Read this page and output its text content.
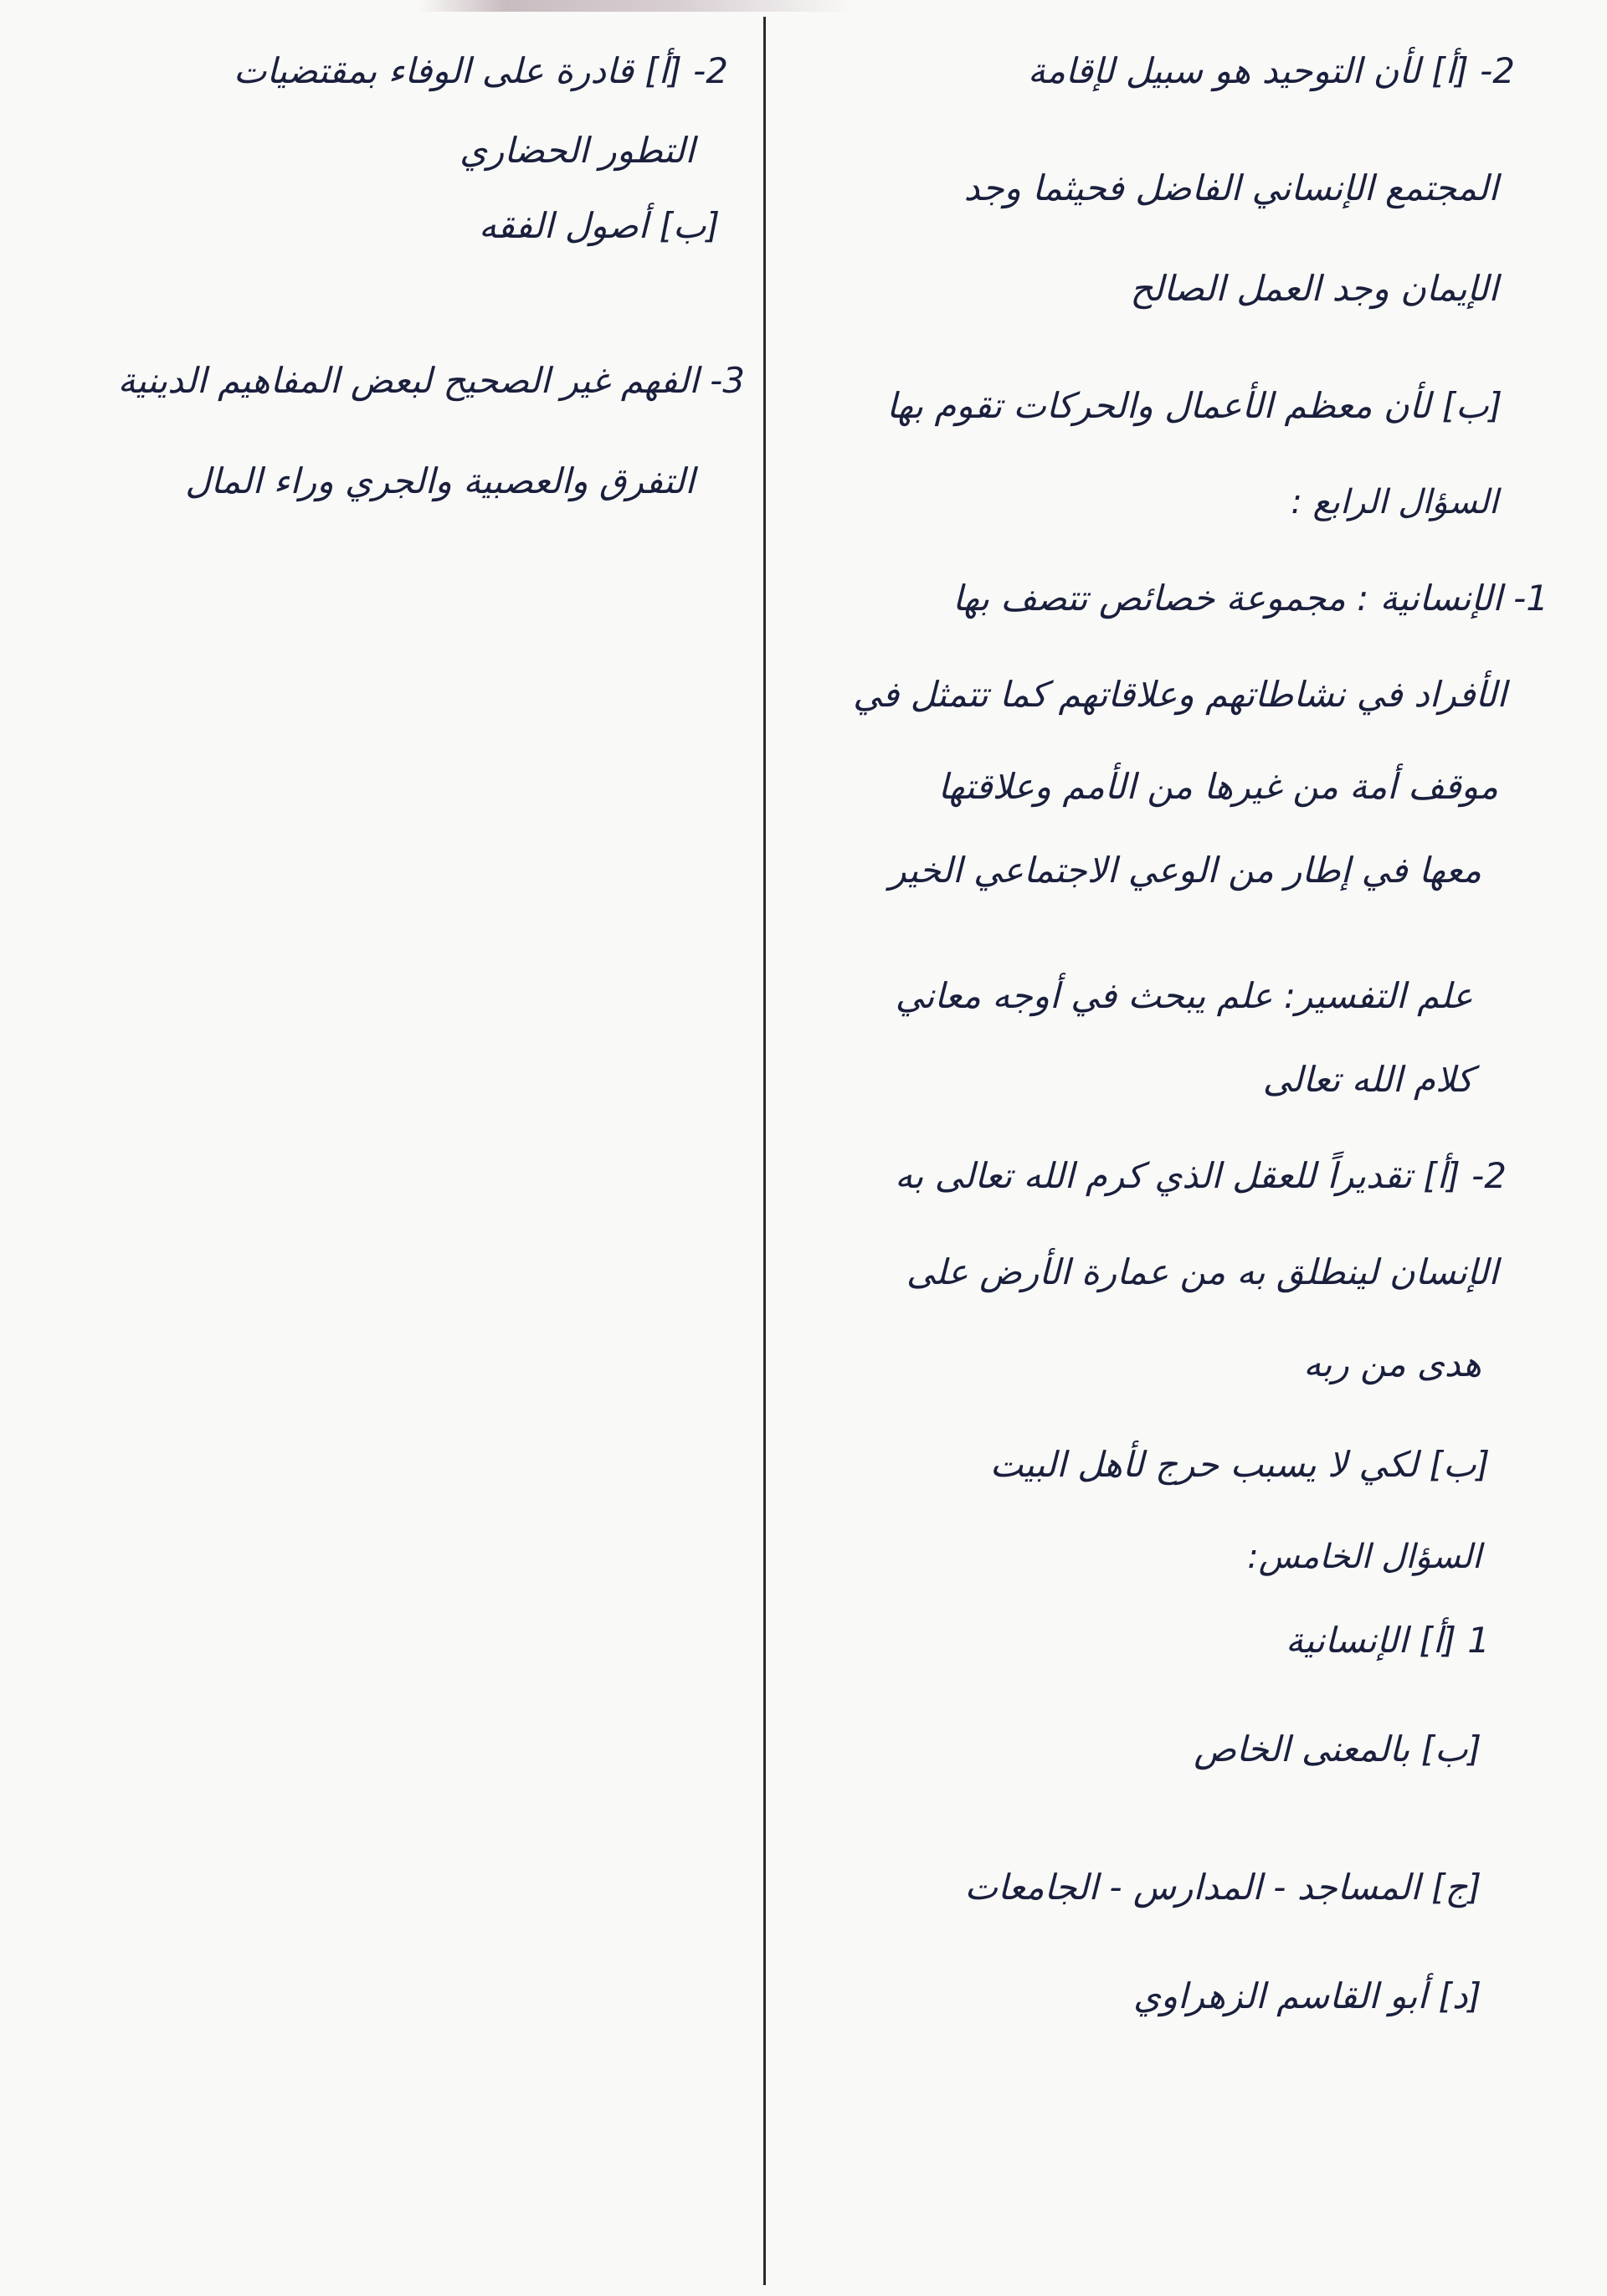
2- [أ] لأن التوحيد هو سبيل لإقامة
المجتمع الإنساني الفاضل فحيثما وجد
الإيمان وجد العمل الصالح
[ب] لأن معظم الأعمال والحركات تقوم بها
السؤال الرابع :
1- الإنسانية : مجموعة خصائص تتصف بها
الأفراد في نشاطاتهم وعلاقاتهم كما تتمثل في
موقف أمة من غيرها من الأمم وعلاقتها
معها في إطار من الوعي الاجتماعي الخير
علم التفسير: علم يبحث في أوجه معاني
كلام الله تعالى
2- [أ] تقديراً للعقل الذي كرم الله تعالى به
الإنسان لينطلق به من عمارة الأرض على
هدى من ربه
[ب] لكي لا يسبب حرج لأهل البيت
السؤال الخامس:
1 [أ] الإنسانية
[ب] بالمعنى الخاص
[ج] المساجد - المدارس - الجامعات
[د] أبو القاسم الزهراوي
2- [أ] قادرة على الوفاء بمقتضيات
التطور الحضاري
[ب] أصول الفقه
3- الفهم غير الصحيح لبعض المفاهيم الدينية
التفرق والعصبية والجري وراء المال
